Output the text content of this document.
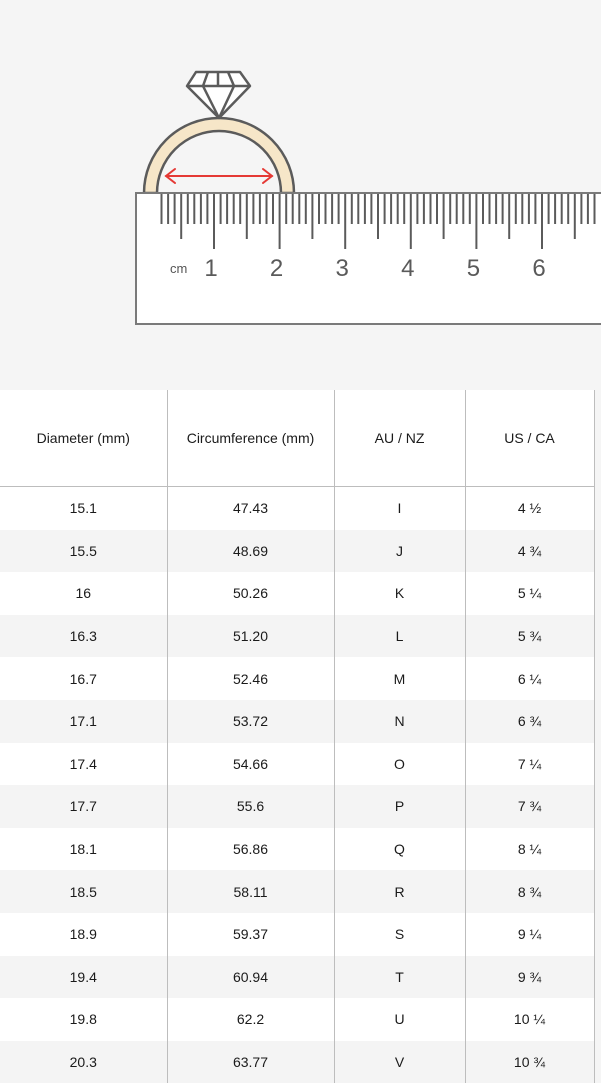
cm 1 2 3 4 5 6
Diameter (mm)	Circumference (mm)	AU / NZ	US / CA
15.1	47.43	I	4 ½
15.5	48.69	J	4 ¾
16	50.26	K	5 ¼
16.3	51.20	L	5 ¾
16.7	52.46	M	6 ¼
17.1	53.72	N	6 ¾
17.4	54.66	O	7 ¼
17.7	55.6	P	7 ¾
18.1	56.86	Q	8 ¼
18.5	58.11	R	8 ¾
18.9	59.37	S	9 ¼
19.4	60.94	T	9 ¾
19.8	62.2	U	10 ¼
20.3	63.77	V	10 ¾
